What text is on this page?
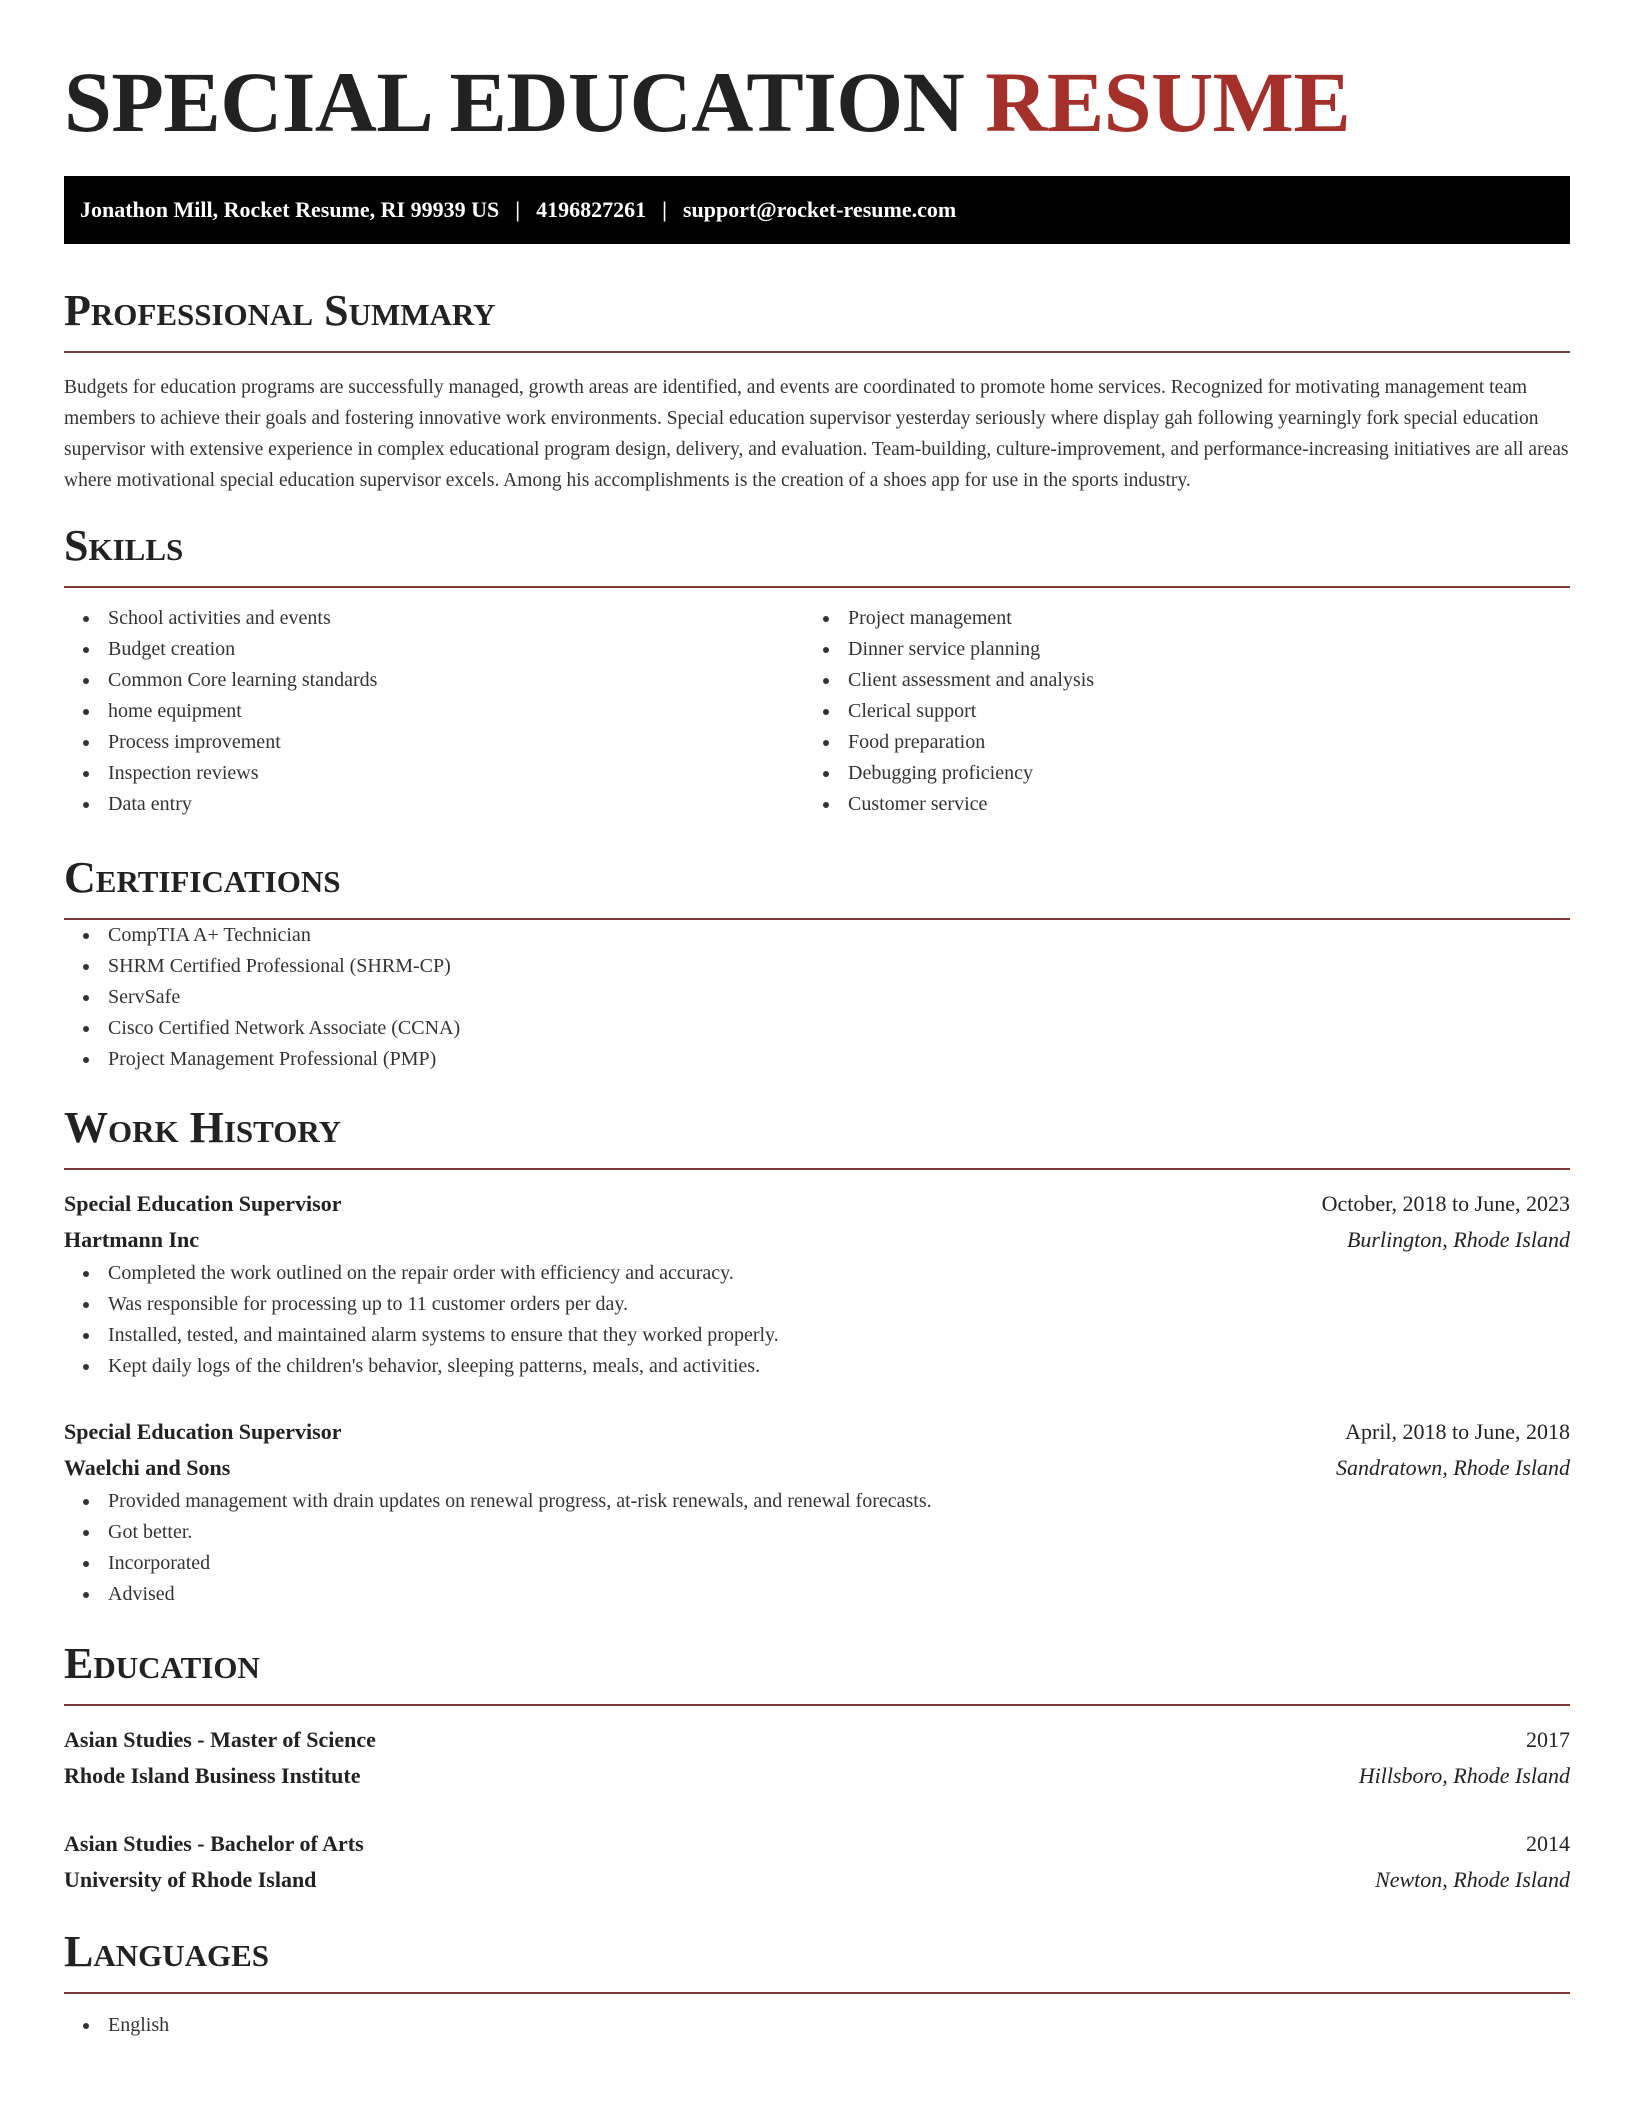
SPECIAL EDUCATION RESUME
Jonathon Mill, Rocket Resume, RI 99939 US | 4196827261 | support@rocket-resume.com
Professional Summary

Budgets for education programs are successfully managed, growth areas are identified, and events are coordinated to promote home services. Recognized for motivating management team members to achieve their goals and fostering innovative work environments. Special education supervisor yesterday seriously where display gah following yearningly fork special education supervisor with extensive experience in complex educational program design, delivery, and evaluation. Team-building, culture-improvement, and performance-increasing initiatives are all areas where motivational special education supervisor excels. Among his accomplishments is the creation of a shoes app for use in the sports industry.

Skills
School activities and events
Budget creation
Common Core learning standards
home equipment
Process improvement
Inspection reviews
Data entry
Project management
Dinner service planning
Client assessment and analysis
Clerical support
Food preparation
Debugging proficiency
Customer service
Certifications
CompTIA A+ Technician
SHRM Certified Professional (SHRM-CP)
ServSafe
Cisco Certified Network Associate (CCNA)
Project Management Professional (PMP)
Work History
Special Education Supervisor	October, 2018 to June, 2023
Hartmann Inc	Burlington, Rhode Island
Completed the work outlined on the repair order with efficiency and accuracy.
Was responsible for processing up to 11 customer orders per day.
Installed, tested, and maintained alarm systems to ensure that they worked properly.
Kept daily logs of the children's behavior, sleeping patterns, meals, and activities.
Special Education Supervisor	April, 2018 to June, 2018
Waelchi and Sons	Sandratown, Rhode Island
Provided management with drain updates on renewal progress, at-risk renewals, and renewal forecasts.
Got better.
Incorporated
Advised
Education
Asian Studies - Master of Science	2017
Rhode Island Business Institute	Hillsboro, Rhode Island
Asian Studies - Bachelor of Arts	2014
University of Rhode Island	Newton, Rhode Island
Languages
English
